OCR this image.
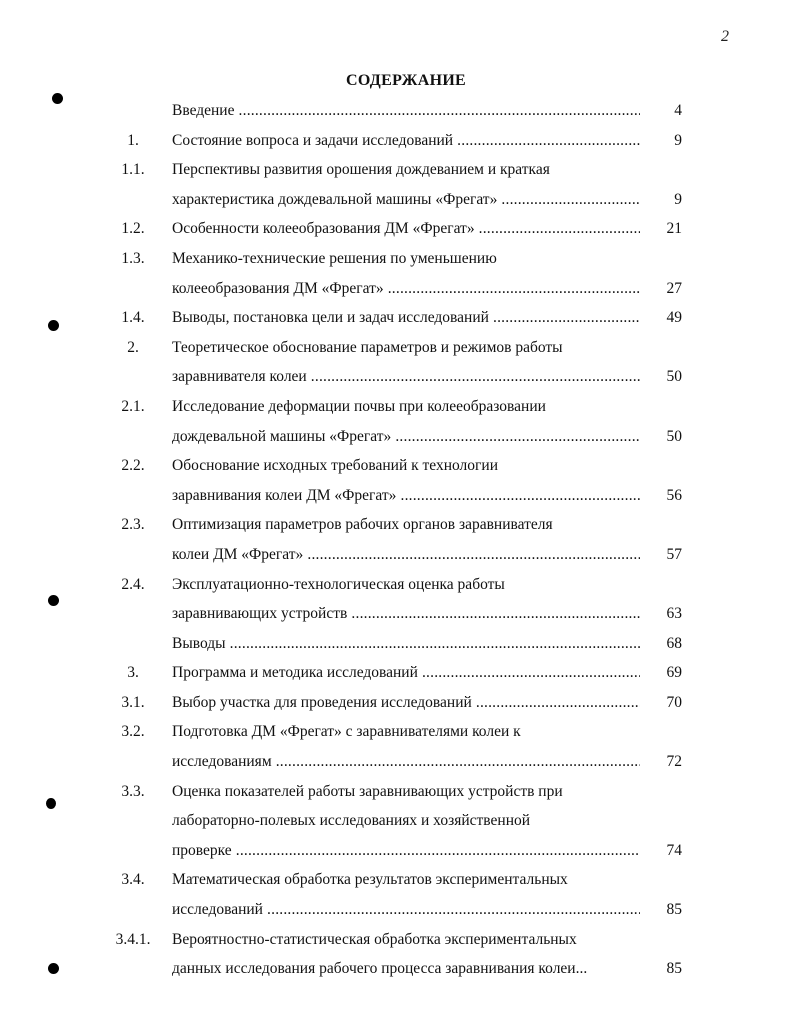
2
СОДЕРЖАНИЕ
Введение .....	4
1.	Состояние вопроса и задачи исследований .....	9
1.1.	Перспективы развития орошения дождеванием и краткая
характеристика дождевальной машины «Фрегат» .....	9
1.2.	Особенности колеeобразования ДМ «Фрегат» .....	21
1.3.	Механико-технические решения по уменьшению
колееобразования ДМ «Фрегат» .....	27
1.4.	Выводы, постановка цели и задач исследований .....	49
2.	Теоретическое обоснование параметров и режимов работы
заравнивателя колеи .....	50
2.1.	Исследование деформации почвы при колееобразовании
дождевальной машины «Фрегат» .....	50
2.2.	Обоснование исходных требований к технологии
заравнивания колеи ДМ «Фрегат» .....	56
2.3.	Оптимизация параметров рабочих органов заравнивателя
колеи ДМ «Фрегат» .....	57
2.4.	Эксплуатационно-технологическая оценка работы
заравнивающих устройств .....	63
Выводы .....	68
3.	Программа и методика исследований .....	69
3.1.	Выбор участка для проведения исследований .....	70
3.2.	Подготовка ДМ «Фрегат» с заравнивателями колеи к
исследованиям .....	72
3.3.	Оценка показателей работы заравнивающих устройств при
лабораторно-полевых исследованиях и хозяйственной
проверке .....	74
3.4.	Математическая обработка результатов экспериментальных
исследований .....	85
3.4.1.	Вероятностно-статистическая обработка экспериментальных
данных исследования рабочего процесса заравнивания колеи...	85
